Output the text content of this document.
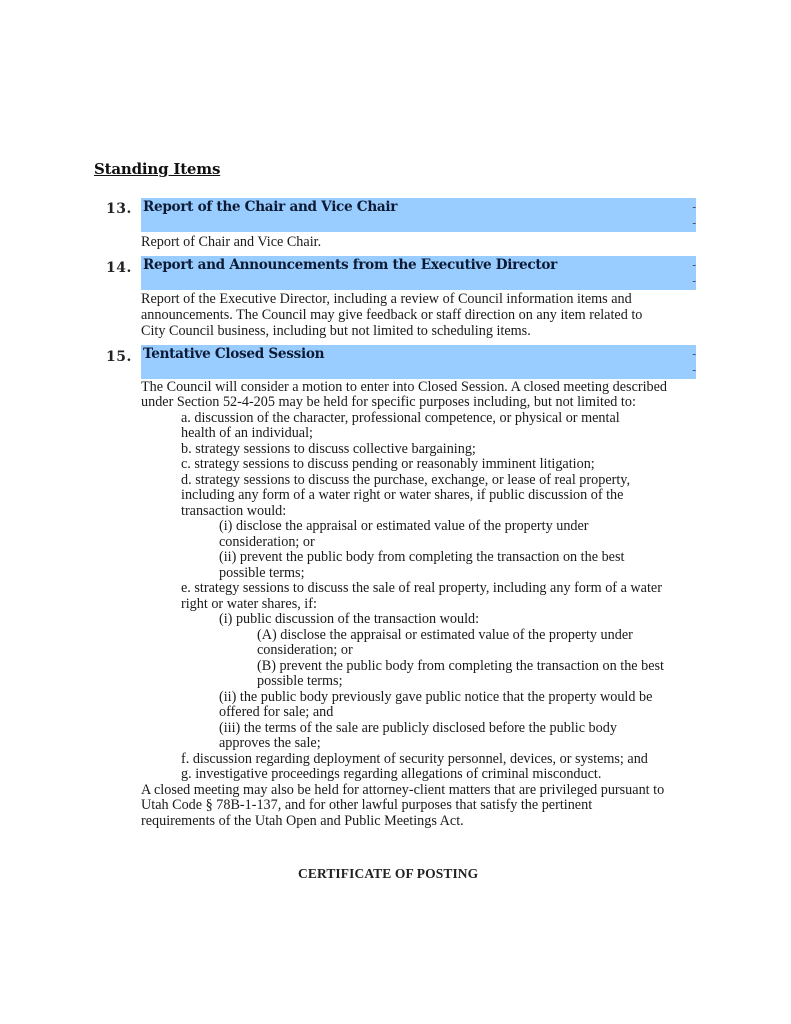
Standing Items
13. Report of the Chair and Vice Chair	-
-
Report of Chair and Vice Chair.
14. Report and Announcements from the Executive Director	-
-
Report of the Executive Director, including a review of Council information items and
announcements. The Council may give feedback or staff direction on any item related to
City Council business, including but not limited to scheduling items.
15. Tentative Closed Session	-
-
The Council will consider a motion to enter into Closed Session. A closed meeting described
under Section 52-4-205 may be held for specific purposes including, but not limited to:
a. discussion of the character, professional competence, or physical or mental
health of an individual;
b. strategy sessions to discuss collective bargaining;
c. strategy sessions to discuss pending or reasonably imminent litigation;
d. strategy sessions to discuss the purchase, exchange, or lease of real property,
including any form of a water right or water shares, if public discussion of the
transaction would:
(i) disclose the appraisal or estimated value of the property under
consideration; or
(ii) prevent the public body from completing the transaction on the best
possible terms;
e. strategy sessions to discuss the sale of real property, including any form of a water
right or water shares, if:
(i) public discussion of the transaction would:
(A) disclose the appraisal or estimated value of the property under
consideration; or
(B) prevent the public body from completing the transaction on the best
possible terms;
(ii) the public body previously gave public notice that the property would be
offered for sale; and
(iii) the terms of the sale are publicly disclosed before the public body
approves the sale;
f. discussion regarding deployment of security personnel, devices, or systems; and
g. investigative proceedings regarding allegations of criminal misconduct.
A closed meeting may also be held for attorney-client matters that are privileged pursuant to
Utah Code § 78B-1-137, and for other lawful purposes that satisfy the pertinent
requirements of the Utah Open and Public Meetings Act.
CERTIFICATE OF POSTING
